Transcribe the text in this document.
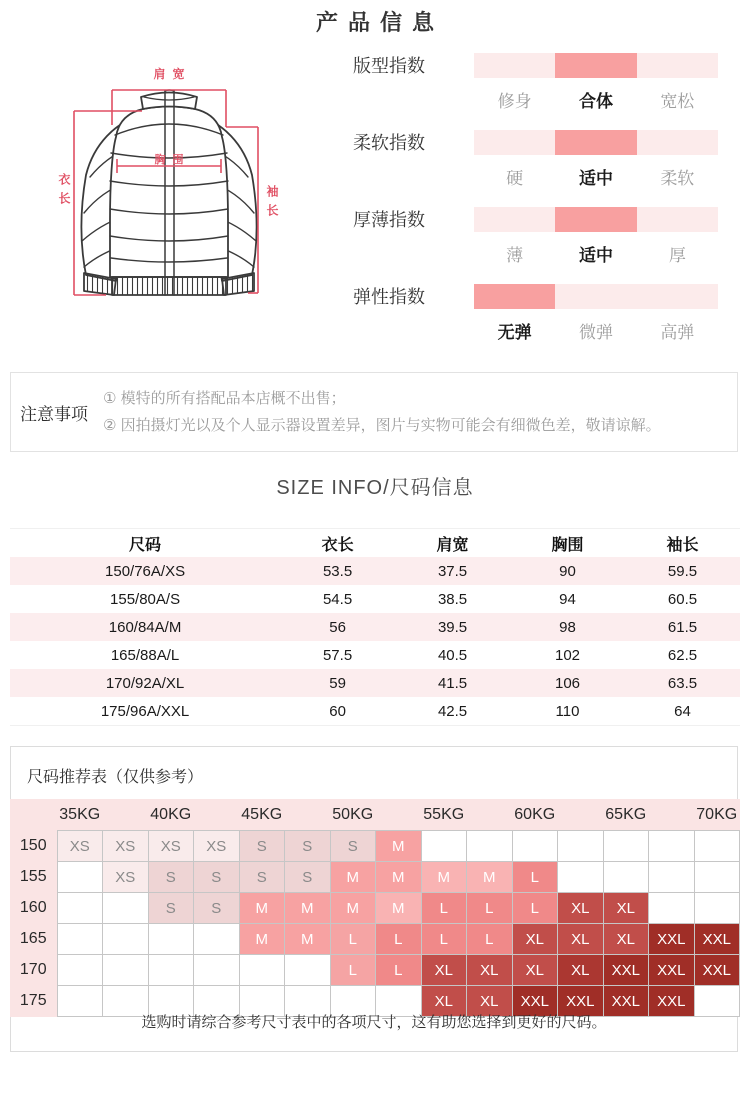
产品信息
肩宽
胸围
衣长	袖长
版型指数
修身	合体	宽松
柔软指数
硬	适中	柔软
厚薄指数
薄	适中	厚
弹性指数
无弹	微弹	高弹
注意事项
① 模特的所有搭配品本店概不出售；
② 因拍摄灯光以及个人显示器设置差异，图片与实物可能会有细微色差，敬请谅解。
SIZE INFO/尺码信息
尺码	衣长	肩宽	胸围	袖长
150/76A/XS	53.5	37.5	90	59.5
155/80A/S	54.5	38.5	94	60.5
160/84A/M	56	39.5	98	61.5
165/88A/L	57.5	40.5	102	62.5
170/92A/XL	59	41.5	106	63.5
175/96A/XXL	60	42.5	110	64
尺码推荐表（仅供参考）
	35KG		40KG		45KG		50KG		55KG		60KG		65KG		70KG
150	XS	XS	XS	XS	S	S	S	M							
155		XS	S	S	S	S	M	M	M	M	L				
160			S	S	M	M	M	M	L	L	L	XL	XL		
165					M	M	L	L	L	L	XL	XL	XL	XXL	XXL
170							L	L	XL	XL	XL	XL	XXL	XXL	XXL
175									XL	XL	XXL	XXL	XXL	XXL	
选购时请综合参考尺寸表中的各项尺寸，这有助您选择到更好的尺码。
